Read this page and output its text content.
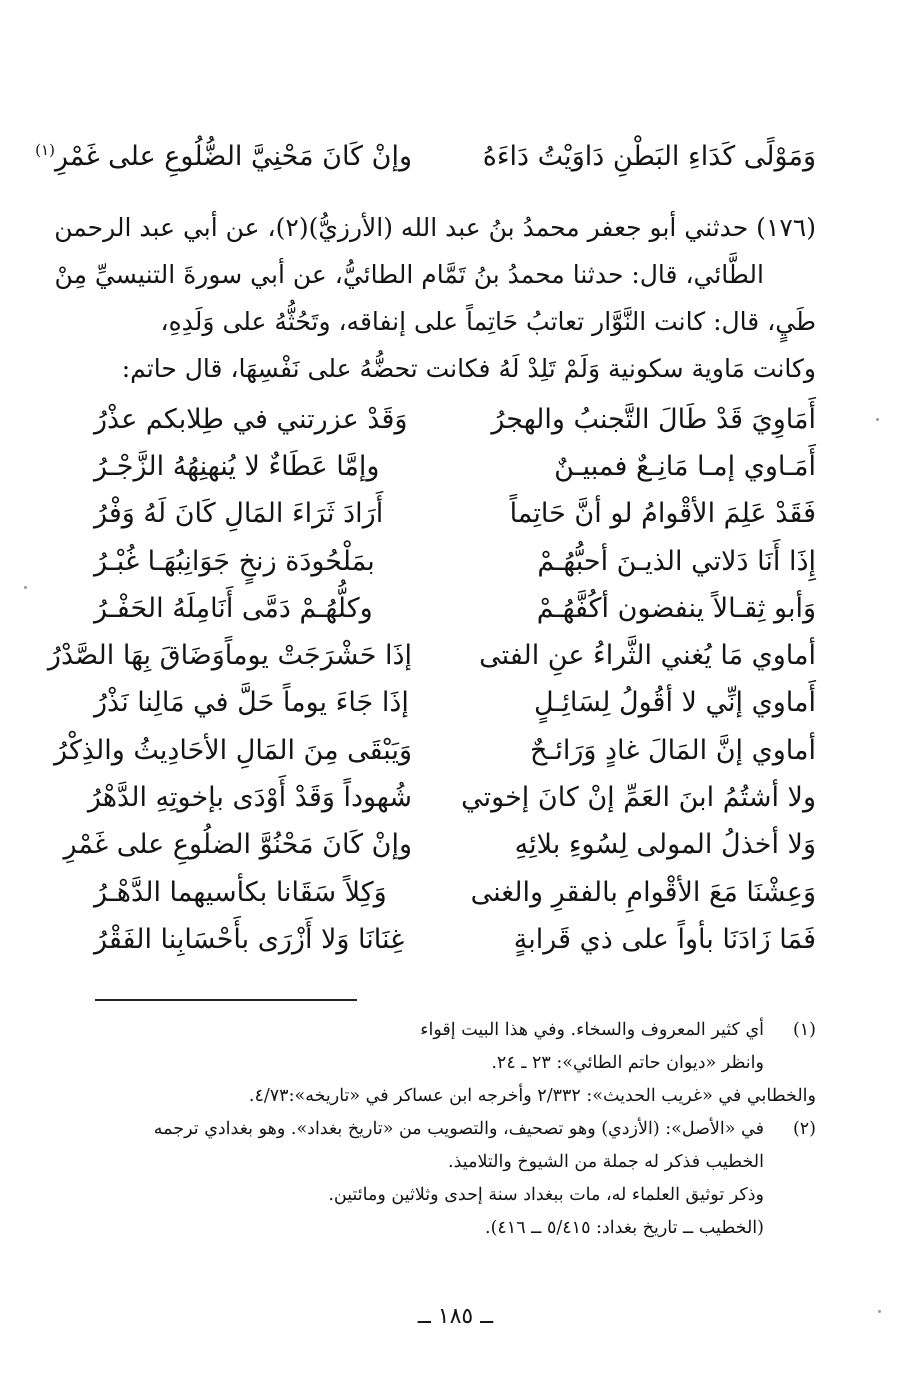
وَمَوْلًى كَدَاءِ البَطْنِ دَاوَيْتُ دَاءَهُ
وإنْ كَانَ مَحْنِيَّ الضُّلُوعِ على غَمْرِ$^{(١)}$
(١٧٦) حدثني أبو جعفر محمدُ بنُ عبد الله (الأرزيُّ)(٢)، عن أبي عبد الرحمن
الطَّائي، قال: حدثنا محمدُ بنُ تَمَّام الطائيُّ، عن أبي سورةَ التنيسيِّ مِنْ
طَيٍ، قال: كانت النَّوَّار تعاتبُ حَاتِماً على إنفاقه، وتَحُثُّهُ على وَلَدِهِ،
وكانت مَاوية سكونية وَلَمْ تَلِدْ لَهُ فكانت تحضُّهُ على نَفْسِهَا، قال حاتم:
أَمَاوِيَ قَدْ طَالَ التَّجنبُ والهجرُ
وَقَدْ عزرتني في طِلابكم عذْرُ
أَمَـاوي إمـا مَانِـعٌ فمبيـنٌ
وإمَّا عَطَاءٌ لا يُنهنِهُهُ الزَّجْـرُ
فَقَدْ عَلِمَ الأقْوامُ لو أنَّ حَاتِماً
أَرَادَ ثَرَاءَ المَالِ كَانَ لَهُ وَفْرُ
إِذَا أَنَا دَلاتي الذيـنَ أحبُّهُـمْ
بمَلْحُودَة زنخٍ جَوَانِبُهَـا غُبْـرُ
وَأبو ثِقـالاً ينفضون أكُفَّهُـمْ
وكلُّهُـمْ دَمَّى أَنَامِلَهُ الحَفْـرُ
أماوي مَا يُغني الثَّراءُ عنِ الفتى
إذَا حَشْرَجَتْ يوماًوَضَاقَ بِهَا الصَّدْرُ
أَماوي إنِّي لا أقُولُ لِسَائِـلٍ
إذَا جَاءَ يوماً حَلَّ في مَالِنا نَذْرُ
أماوي إنَّ المَالَ غادٍ وَرَائـحٌ
وَيَبْقَى مِنَ المَالِ الأحَادِيثُ والذِكْرُ
ولا أشتُمُ ابنَ العَمِّ إنْ كانَ إخوتي
شُهوداً وَقَدْ أَوْدَى بإخوتِهِ الدَّهْرُ
وَلا أخذلُ المولى لِسُوءِ بلائِهِ
وإنْ كَانَ مَحْنُوَّ الضلُوعِ على غَمْرِ
وَعِشْنَا مَعَ الأقْوامِ بالفقرِ والغنى
وَكِلاً سَقَانا بكأسيهما الدَّهْـرُ
فَمَا زَادَنَا بأواً على ذي قَرابةٍ
غِنَانَا وَلا أَزْرَى بأَحْسَابِنا الفَقْرُ
(١)
أي كثير المعروف والسخاء. وفي هذا البيت إقواء
وانظر «ديوان حاتم الطائي»: ٢٣ ـ ٢٤.
والخطابي في «غريب الحديث»: ٢/٣٣٢ وأخرجه ابن عساكر في «تاريخه»:٤/٧٣.
(٢)
في «الأصل»: (الأزدي) وهو تصحيف، والتصويب من «تاريخ بغداد». وهو بغدادي ترجمه
الخطيب فذكر له جملة من الشيوخ والتلاميذ.
وذكر توثيق العلماء له، مات ببغداد سنة إحدى وثلاثين ومائتين.
(الخطيب ــ تاريخ بغداد: ٥/٤١٥ ــ ٤١٦).
ــ ١٨٥ ــ
